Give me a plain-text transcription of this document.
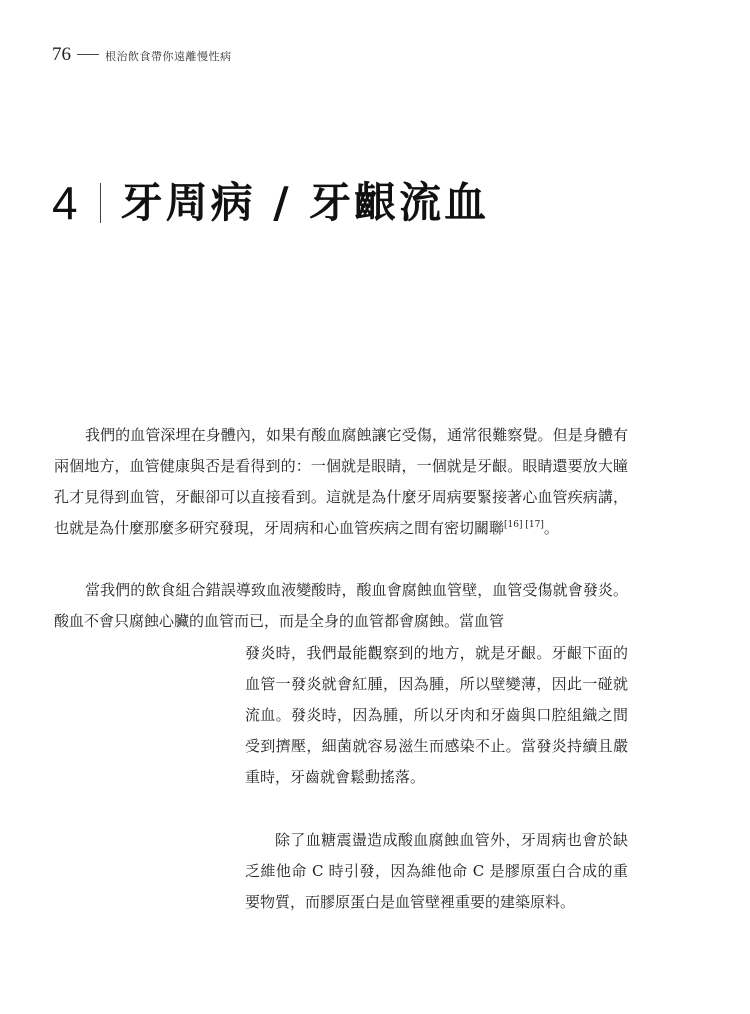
76	根治飲食帶你遠離慢性病
4 牙周病 / 牙齦流血

我們的血管深埋在身體內，如果有酸血腐蝕讓它受傷，通常很難察覺。但是身體有兩個地方，血管健康與否是看得到的：一個就是眼睛，一個就是牙齦。眼睛還要放大瞳孔才見得到血管，牙齦卻可以直接看到。這就是為什麼牙周病要緊接著心血管疾病講，也就是為什麼那麼多研究發現，牙周病和心血管疾病之間有密切關聯[16] [17]。

當我們的飲食組合錯誤導致血液變酸時，酸血會腐蝕血管壁，血管受傷就會發炎。酸血不會只腐蝕心臟的血管而已，而是全身的血管都會腐蝕。當血管

發炎時，我們最能觀察到的地方，就是牙齦。牙齦下面的血管一發炎就會紅腫，因為腫，所以壁變薄，因此一碰就流血。發炎時，因為腫，所以牙肉和牙齒與口腔組織之間受到擠壓，細菌就容易滋生而感染不止。當發炎持續且嚴重時，牙齒就會鬆動搖落。

除了血糖震盪造成酸血腐蝕血管外，牙周病也會於缺乏維他命 C 時引發，因為維他命 C 是膠原蛋白合成的重要物質，而膠原蛋白是血管壁裡重要的建築原料。
